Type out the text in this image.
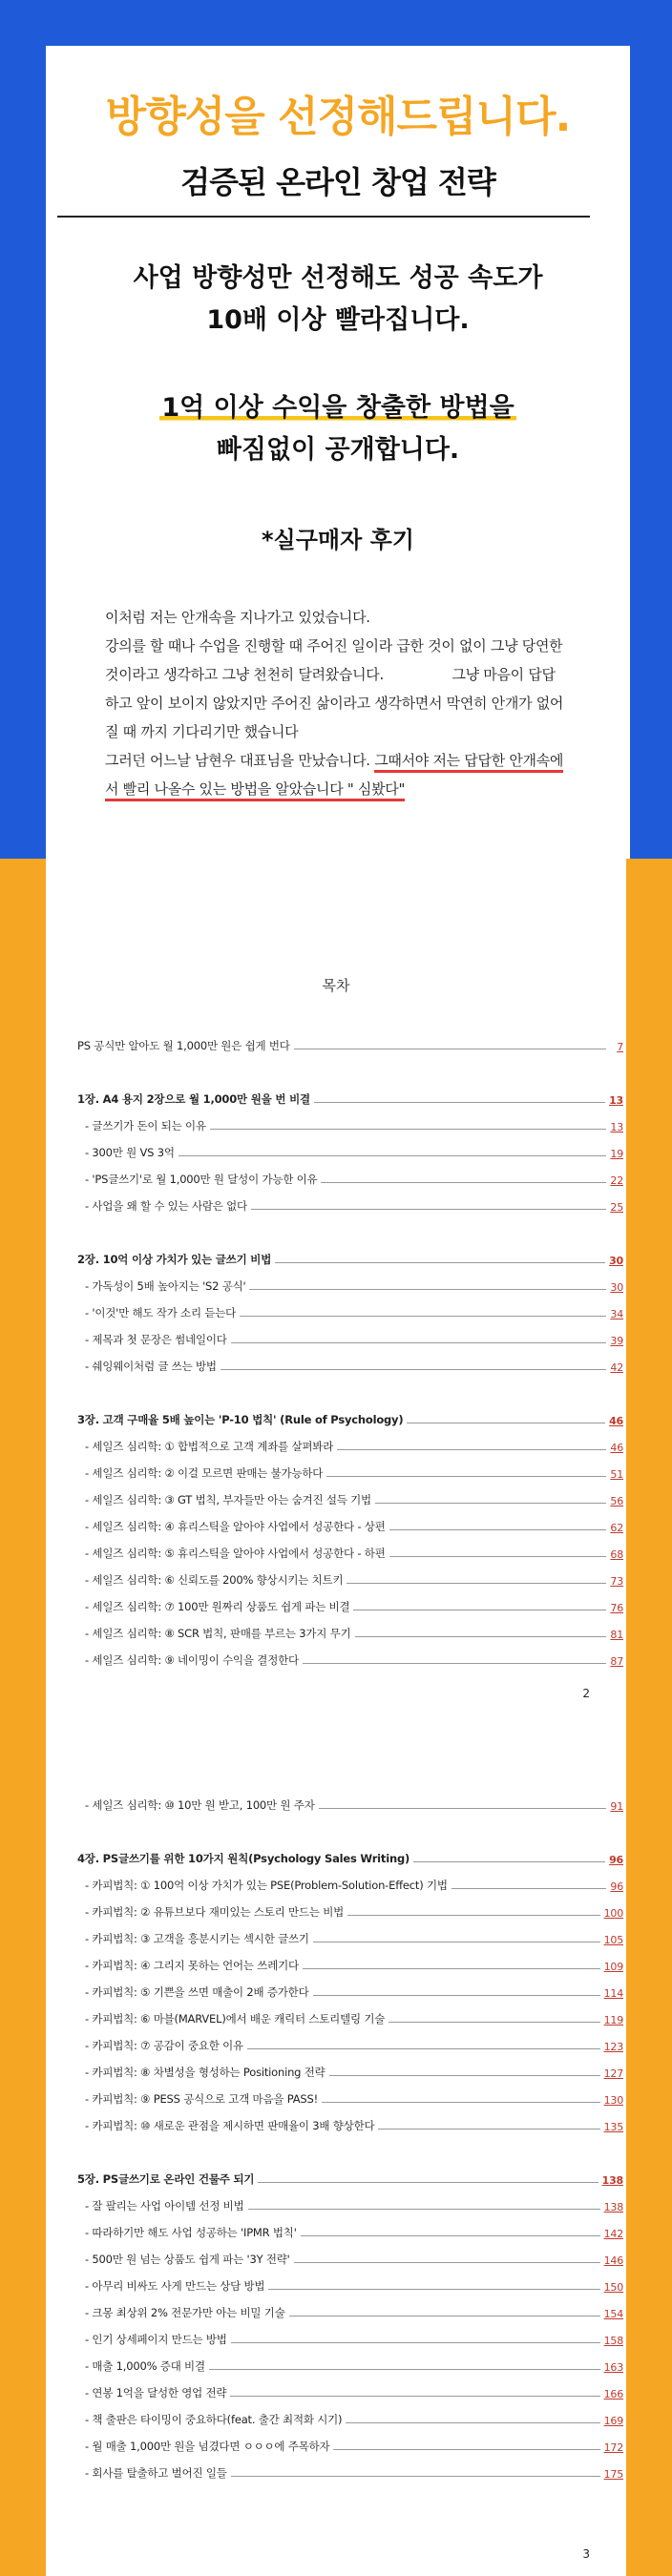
방향성을 선정해드립니다.
검증된 온라인 창업 전략
사업 방향성만 선정해도 성공 속도가
10배 이상 빨라집니다.
1억 이상 수익을 창출한 방법을
빠짐없이 공개합니다.
*실구매자 후기

이처럼 저는 안개속을 지나가고 있었습니다.

강의를 할 때나 수업을 진행할 때 주어진 일이라 급한 것이 없이 그냥 당연한

것이라고 생각하고 그냥 천천히 달려왔습니다.                그냥 마음이 답답

하고 앞이 보이지 않았지만 주어진 삶이라고 생각하면서 막연히 안개가 없어

질 때 까지 기다리기만 했습니다

그러던 어느날 남현우 대표님을 만났습니다. 그때서야 저는 답답한 안개속에

서 빨리 나올수 있는 방법을 알았습니다 " 심봤다"

목차
PS 공식만 알아도 월 1,000만 원은 쉽게 번다	7
1장. A4 용지 2장으로 월 1,000만 원을 번 비결	13
- 글쓰기가 돈이 되는 이유	13
- 300만 원 VS 3억	19
- 'PS글쓰기'로 월 1,000만 원 달성이 가능한 이유	22
- 사업을 왜 할 수 있는 사람은 없다	25
2장. 10억 이상 가치가 있는 글쓰기 비법	30
- 가독성이 5배 높아지는 'S2 공식'	30
- '이것'만 해도 작가 소리 듣는다	34
- 제목과 첫 문장은 썸네일이다	39
- 쉐잉웨이처럼 글 쓰는 방법	42
3장. 고객 구매율 5배 높이는 'P-10 법칙' (Rule of Psychology)	46
- 세일즈 심리학: ① 합법적으로 고객 계좌를 살펴봐라	46
- 세일즈 심리학: ② 이걸 모르면 판매는 불가능하다	51
- 세일즈 심리학: ③ GT 법칙, 부자들만 아는 숨겨진 설득 기법	56
- 세일즈 심리학: ④ 휴리스틱을 알아야 사업에서 성공한다 - 상편	62
- 세일즈 심리학: ⑤ 휴리스틱을 알아야 사업에서 성공한다 - 하편	68
- 세일즈 심리학: ⑥ 신뢰도를 200% 향상시키는 치트키	73
- 세일즈 심리학: ⑦ 100만 원짜리 상품도 쉽게 파는 비결	76
- 세일즈 심리학: ⑧ SCR 법칙, 판매를 부르는 3가지 무기	81
- 세일즈 심리학: ⑨ 네이밍이 수익을 결정한다	87
2
- 세일즈 심리학: ⑩ 10만 원 받고, 100만 원 주자	91
4장. PS글쓰기를 위한 10가지 원칙(Psychology Sales Writing)	96
- 카피법칙: ① 100억 이상 가치가 있는 PSE(Problem-Solution-Effect) 기법	96
- 카피법칙: ② 유튜브보다 재미있는 스토리 만드는 비법	100
- 카피법칙: ③ 고객을 흥분시키는 섹시한 글쓰기	105
- 카피법칙: ④ 그리지 못하는 언어는 쓰레기다	109
- 카피법칙: ⑤ 기쁜을 쓰면 매출이 2배 증가한다	114
- 카피법칙: ⑥ 마블(MARVEL)에서 배운 캐릭터 스토리텔링 기술	119
- 카피법칙: ⑦ 공감이 중요한 이유	123
- 카피법칙: ⑧ 차별성을 형성하는 Positioning 전략	127
- 카피법칙: ⑨ PESS 공식으로 고객 마음을 PASS!	130
- 카피법칙: ⑩ 새로운 관점을 제시하면 판매율이 3배 향상한다	135
5장. PS글쓰기로 온라인 건물주 되기	138
- 잘 팔리는 사업 아이템 선정 비법	138
- 따라하기만 해도 사업 성공하는 'IPMR 법칙'	142
- 500만 원 넘는 상품도 쉽게 파는 '3Y 전략'	146
- 아무리 비싸도 사게 만드는 상담 방법	150
- 크몽 최상위 2% 전문가만 아는 비밀 기술	154
- 인기 상세페이지 만드는 방법	158
- 매출 1,000% 증대 비결	163
- 연봉 1억을 달성한 영업 전략	166
- 책 출판은 타이밍이 중요하다(feat. 출간 최적화 시기)	169
- 월 매출 1,000만 원을 넘겼다면 ㅇㅇㅇ에 주목하자	172
- 회사를 탈출하고 벌어진 일들	175
3
